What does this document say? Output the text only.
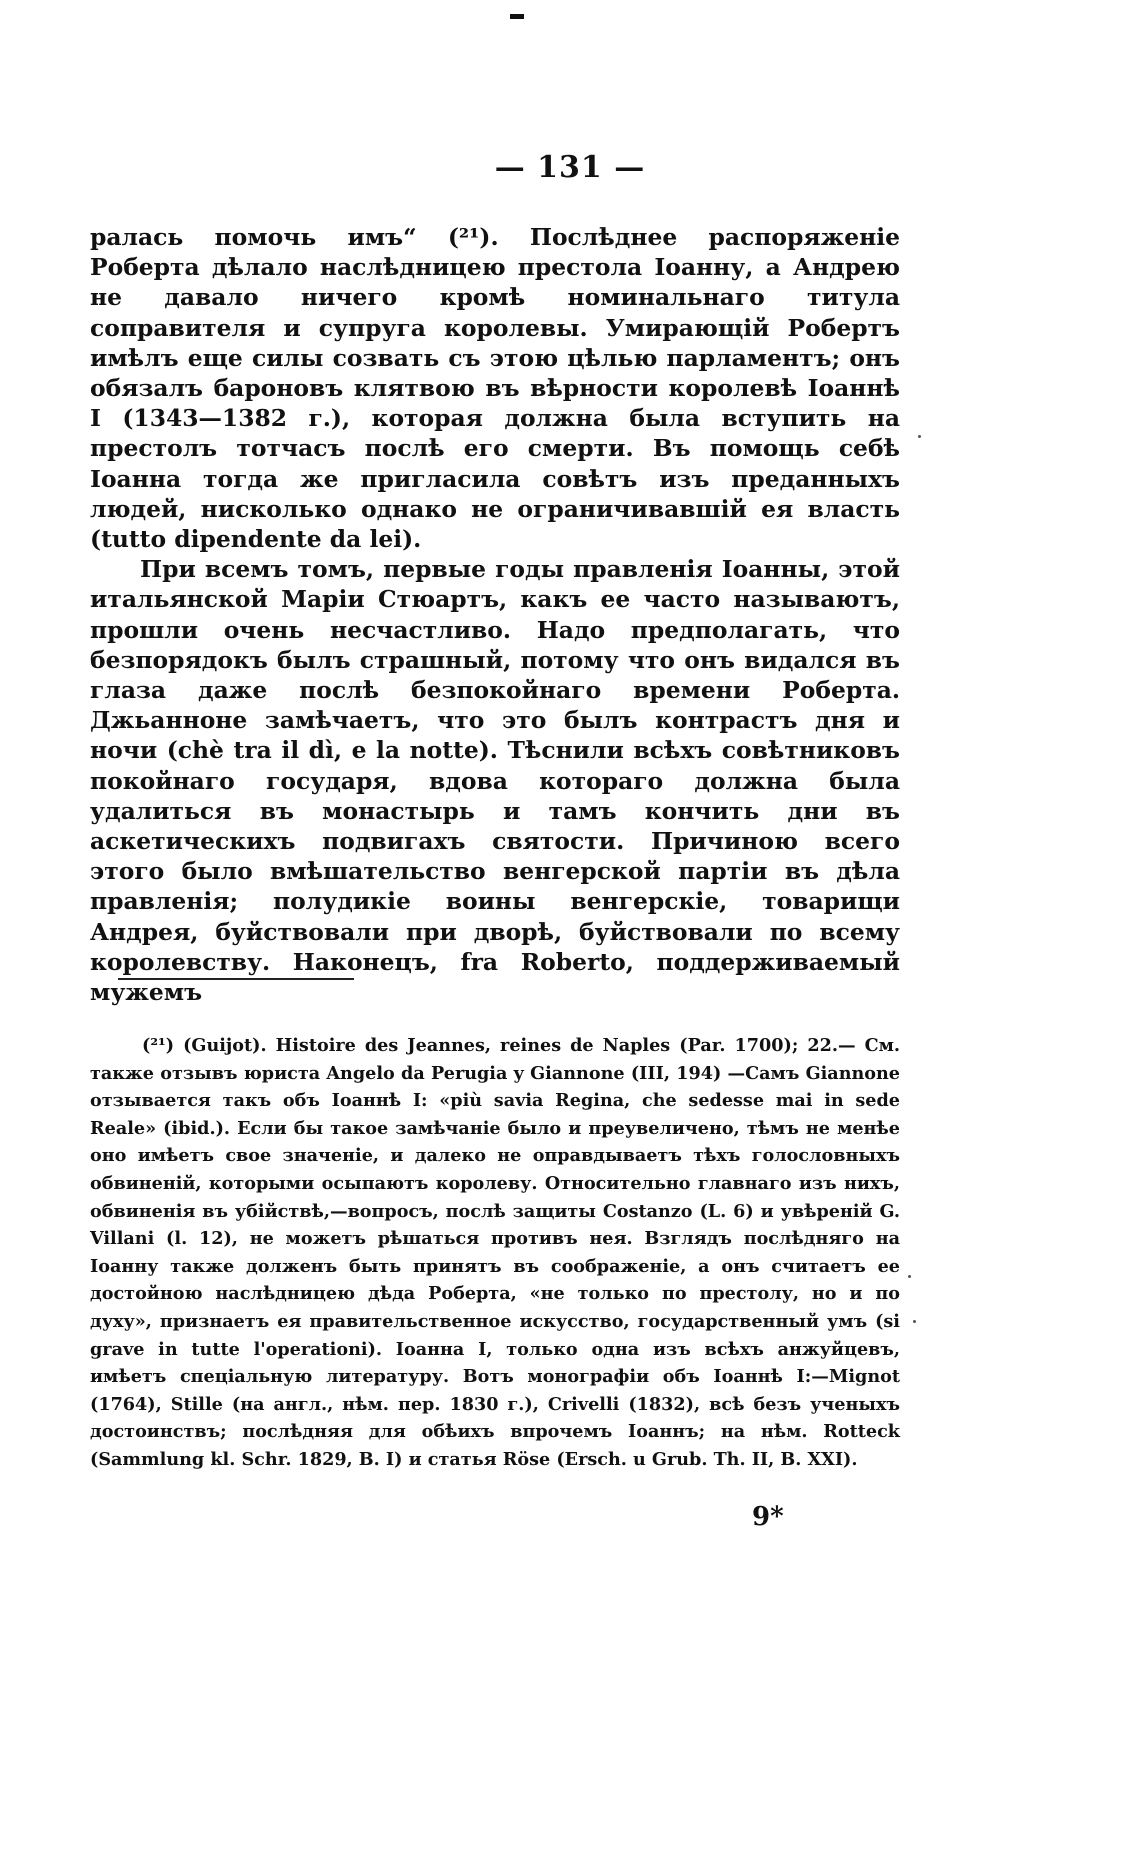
— 131 —

ралась помочь имъ“ (²¹). Послѣднее распоряженіе Роберта дѣлало наслѣдницею престола Іоанну, а Андрею не давало ничего кромѣ номинальнаго титула соправителя и супруга королевы. Умирающій Робертъ имѣлъ еще силы созвать съ этою цѣлью парламентъ; онъ обязалъ бароновъ клятвою въ вѣрности королевѣ Іоаннѣ I (1343—1382 г.), которая должна была вступить на престолъ тотчасъ послѣ его смерти. Въ помощь себѣ Іоанна тогда же пригласила совѣтъ изъ преданныхъ людей, нисколько однако не ограничивавшій ея власть (tutto dipendente da lei).

При всемъ томъ, первые годы правленія Іоанны, этой итальянской Маріи Стюартъ, какъ ее часто называютъ, прошли очень несчастливо. Надо предполагать, что безпорядокъ былъ страшный, потому что онъ видался въ глаза даже послѣ безпокойнаго времени Роберта. Джьанноне замѣчаетъ, что это былъ контрастъ дня и ночи (chè tra il dì, e la notte). Тѣснили всѣхъ совѣтниковъ покойнаго государя, вдова котораго должна была удалиться въ монастырь и тамъ кончить дни въ аскетическихъ подвигахъ святости. Причиною всего этого было вмѣшательство венгерской партіи въ дѣла правленія; полудикіе воины венгерскіе, товарищи Андрея, буйствовали при дворѣ, буйствовали по всему королевству. Наконецъ, fra Roberto, поддерживаемый мужемъ

(²¹) (Guijot). Histoire des Jeannes, reines de Naples (Par. 1700); 22.— См. также отзывъ юриста Angelo da Perugia y Giannone (III, 194) —Самъ Giannone отзывается такъ объ Іоаннѣ I: «più savia Regina, che sedesse mai in sede Reale» (ibid.). Если бы такое замѣчаніе было и преувеличено, тѣмъ не менѣе оно имѣетъ свое значеніе, и далеко не оправдываетъ тѣхъ голословныхъ обвиненій, которыми осыпаютъ королеву. Относительно главнаго изъ нихъ, обвиненія въ убійствѣ,—вопросъ, послѣ защиты Costanzo (L. 6) и увѣреній G. Villani (l. 12), не можетъ рѣшаться противъ нея. Взглядъ послѣдняго на Іоанну также долженъ быть принятъ въ соображеніе, а онъ считаетъ ее достойною наслѣдницею дѣда Роберта, «не только по престолу, но и по духу», признаетъ ея правительственное искусство, государственный умъ (si grave in tutte l'operationi). Іоанна I, только одна изъ всѣхъ анжуйцевъ, имѣетъ спеціальную литературу. Вотъ монографіи объ Іоаннѣ I:—Mignot (1764), Stille (на англ., нѣм. пер. 1830 г.), Crivelli (1832), всѣ безъ ученыхъ достоинствъ; послѣдняя для обѣихъ впрочемъ Іоаннъ; на нѣм. Rotteck (Sammlung kl. Schr. 1829, B. I) и статья Röse (Ersch. u Grub. Th. II, B. XXI).

9*
